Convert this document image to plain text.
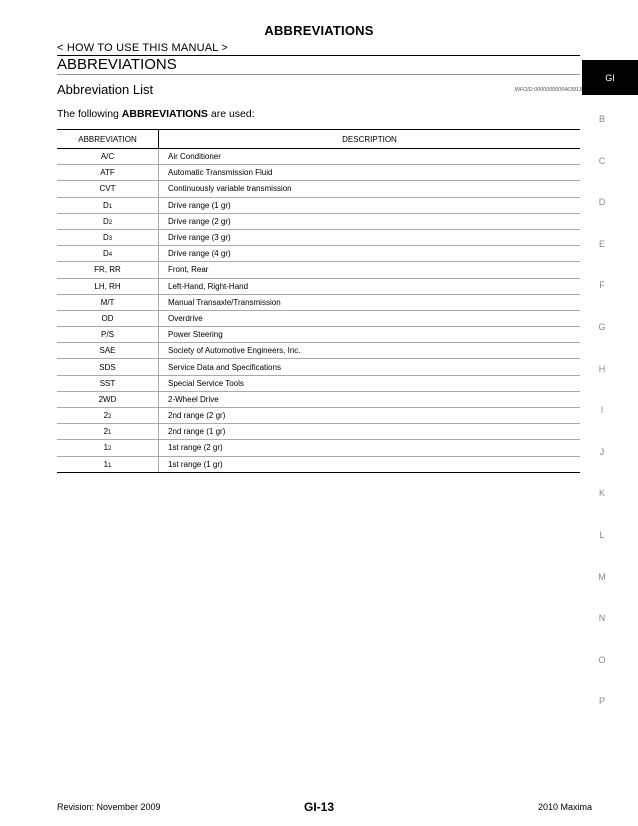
ABBREVIATIONS
< HOW TO USE THIS MANUAL >
ABBREVIATIONS
Abbreviation List	INFOID:0000000005463913
The following ABBREVIATIONS are used:
ABBREVIATION	DESCRIPTION
A/C	Air Conditioner
ATF	Automatic Transmission Fluid
CVT	Continuously variable transmission
D1	Drive range (1 gr)
D2	Drive range (2 gr)
D3	Drive range (3 gr)
D4	Drive range (4 gr)
FR, RR	Front, Rear
LH, RH	Left-Hand, Right-Hand
M/T	Manual Transaxle/Transmission
OD	Overdrive
P/S	Power Steering
SAE	Society of Automotive Engineers, Inc.
SDS	Service Data and Specifications
SST	Special Service Tools
2WD	2-Wheel Drive
22	2nd range (2 gr)
21	2nd range (1 gr)
12	1st range (2 gr)
11	1st range (1 gr)
GI
B
C
D
E
F
G
H
I
J
K
L
M
N
O
P
Revision: November 2009	GI-13	2010 Maxima
